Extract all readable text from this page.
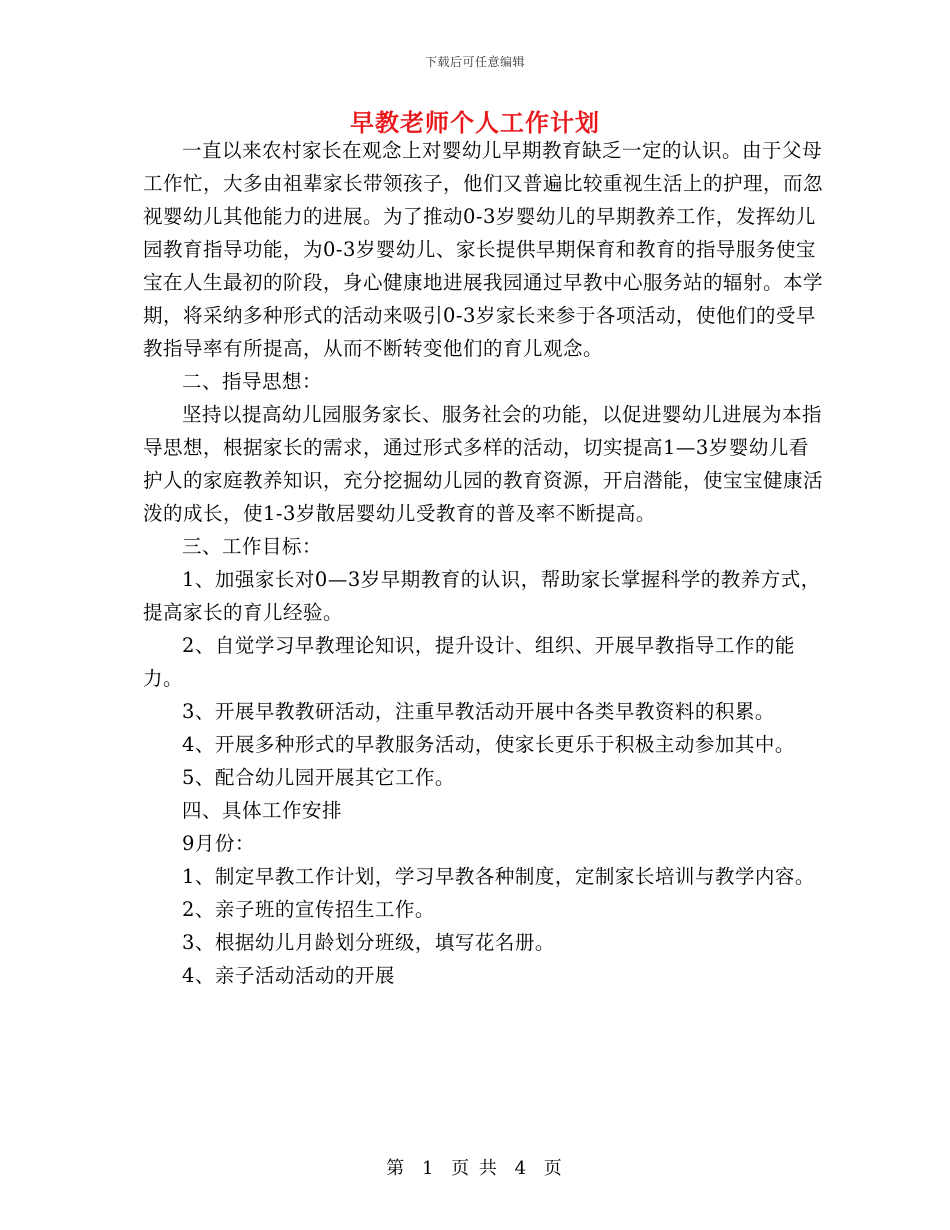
下载后可任意编辑
早教老师个人工作计划

一直以来农村家长在观念上对婴幼儿早期教育缺乏一定的认识。由于父母工作忙，大多由祖辈家长带领孩子，他们又普遍比较重视生活上的护理，而忽视婴幼儿其他能力的进展。为了推动0-3岁婴幼儿的早期教养工作，发挥幼儿园教育指导功能，为0-3岁婴幼儿、家长提供早期保育和教育的指导服务使宝宝在人生最初的阶段，身心健康地进展我园通过早教中心服务站的辐射。本学期，将采纳多种形式的活动来吸引0-3岁家长来参于各项活动，使他们的受早教指导率有所提高，从而不断转变他们的育儿观念。

二、指导思想：

坚持以提高幼儿园服务家长、服务社会的功能，以促进婴幼儿进展为本指导思想，根据家长的需求，通过形式多样的活动，切实提高1—3岁婴幼儿看护人的家庭教养知识，充分挖掘幼儿园的教育资源，开启潜能，使宝宝健康活泼的成长，使1-3岁散居婴幼儿受教育的普及率不断提高。

三、工作目标：

1、加强家长对0—3岁早期教育的认识，帮助家长掌握科学的教养方式，提高家长的育儿经验。

2、自觉学习早教理论知识，提升设计、组织、开展早教指导工作的能力。

3、开展早教教研活动，注重早教活动开展中各类早教资料的积累。

4、开展多种形式的早教服务活动，使家长更乐于积极主动参加其中。

5、配合幼儿园开展其它工作。

四、具体工作安排

9月份：

1、制定早教工作计划，学习早教各种制度，定制家长培训与教学内容。

2、亲子班的宣传招生工作。

3、根据幼儿月龄划分班级，填写花名册。

4、亲子活动活动的开展

第 1 页 共 4 页
